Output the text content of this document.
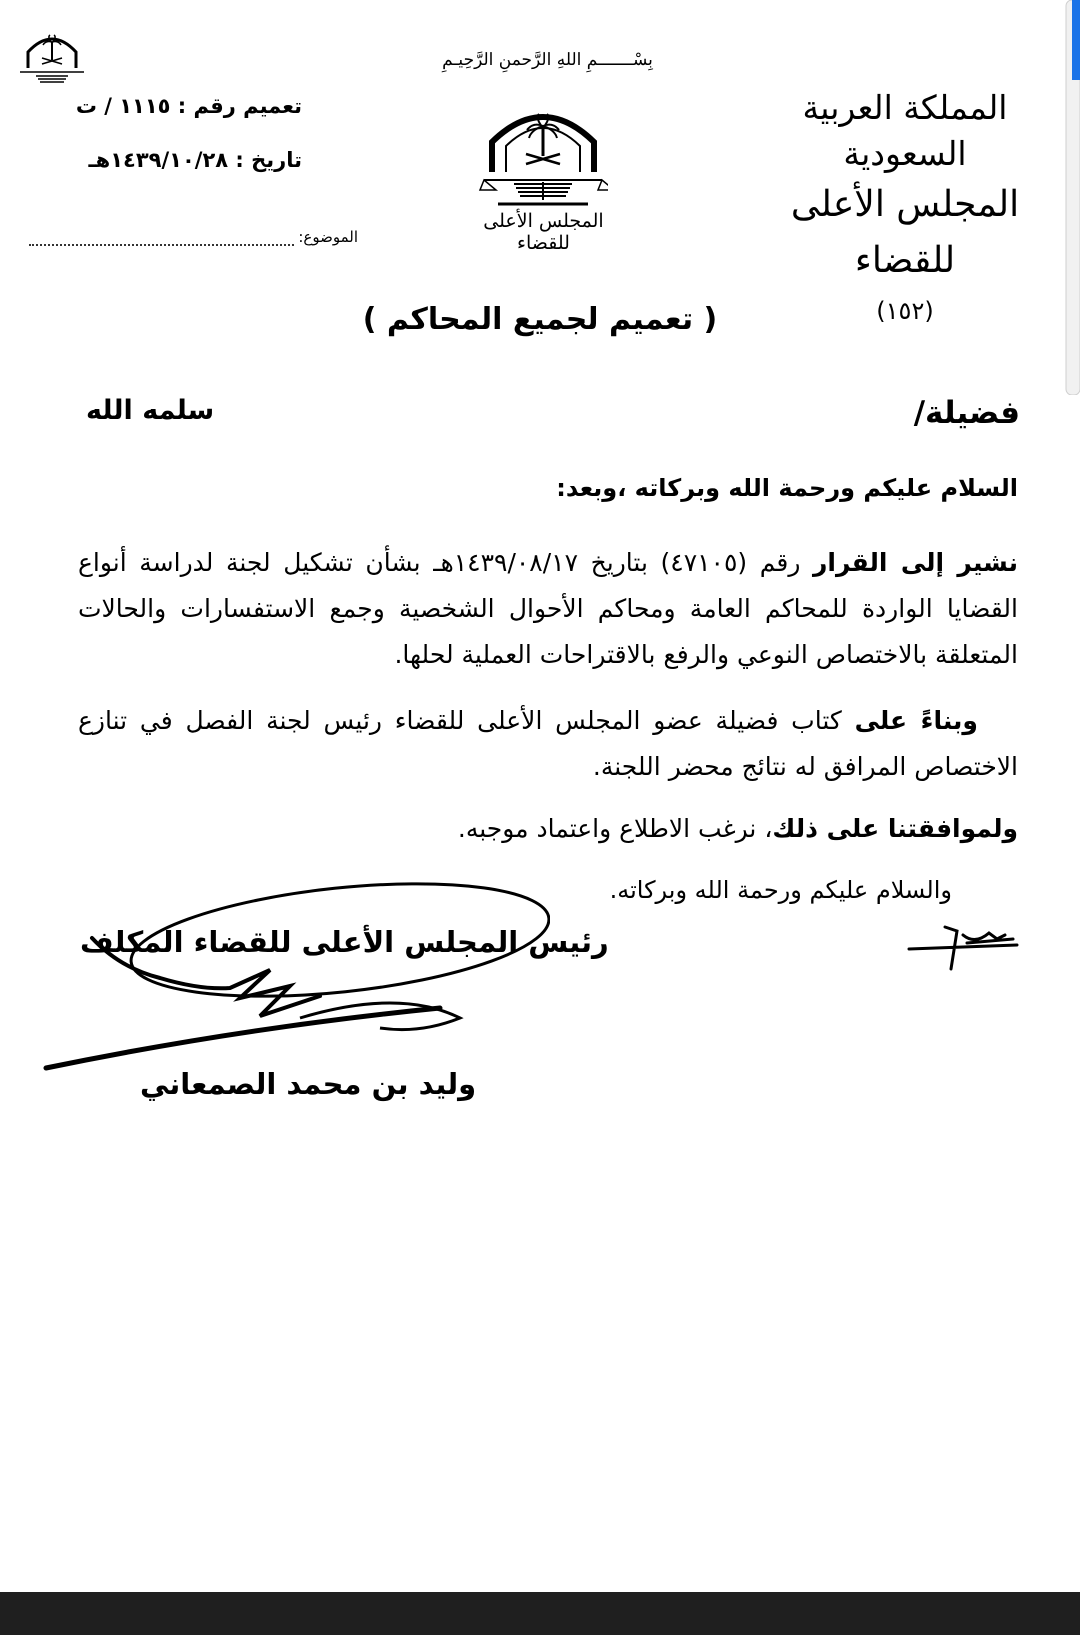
المملكة العربية السعودية
المجلس الأعلى للقضاء
(١٥٢)
بِسْـــــــمِ اللهِ الرَّحمنِ الرَّحِيـمِ
المجلس الأعلى للقضاء
تعميم رقم : ١١١٥ / ت
تاريخ : ١٤٣٩/١٠/٢٨هـ
الموضوع:
( تعميم لجميع المحاكم )
فضيلة/
سلمه الله
السلام عليكم ورحمة الله وبركاته ،وبعد:
نشير إلى القرار رقم (٤٧١٠٥) بتاريخ ١٤٣٩/٠٨/١٧هـ بشأن تشكيل لجنة لدراسة أنواع القضايا الواردة للمحاكم العامة ومحاكم الأحوال الشخصية وجمع الاستفسارات والحالات المتعلقة بالاختصاص النوعي والرفع بالاقتراحات العملية لحلها.
وبناءً على كتاب فضيلة عضو المجلس الأعلى للقضاء رئيس لجنة الفصل في تنازع الاختصاص المرافق له نتائج محضر اللجنة.
ولموافقتنا على ذلك، نرغب الاطلاع واعتماد موجبه.
والسلام عليكم ورحمة الله وبركاته.
رئيس المجلس الأعلى للقضاء المكلف
وليد بن محمد الصمعاني
